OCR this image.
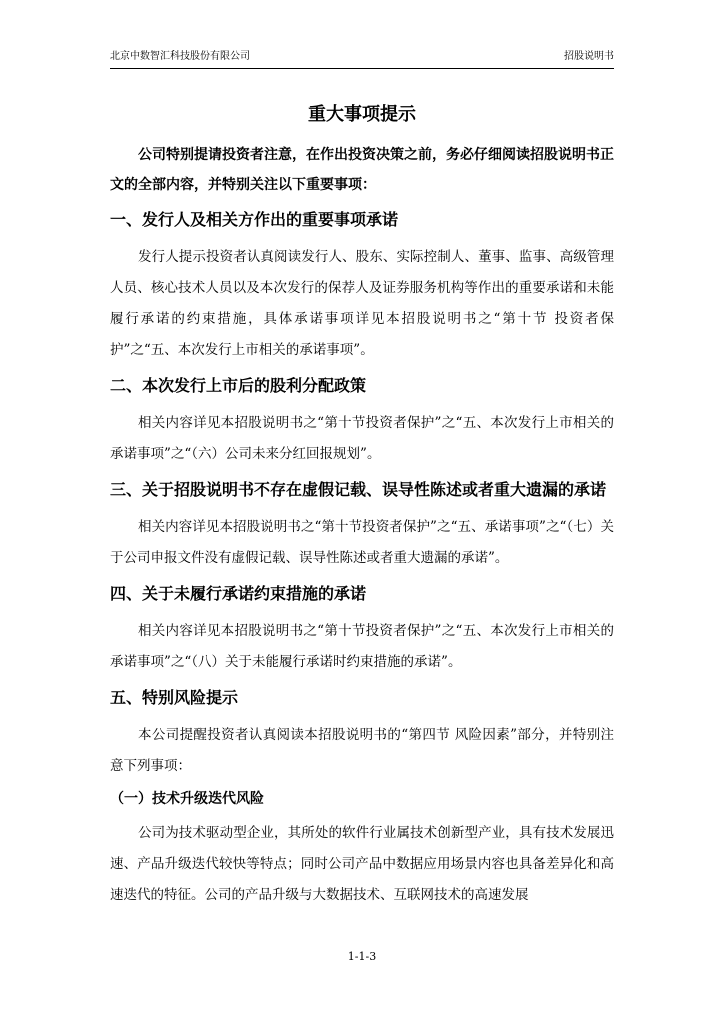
北京中数智汇科技股份有限公司	招股说明书
重大事项提示

公司特别提请投资者注意，在作出投资决策之前，务必仔细阅读招股说明书正文的全部内容，并特别关注以下重要事项：

一、发行人及相关方作出的重要事项承诺

发行人提示投资者认真阅读发行人、股东、实际控制人、董事、监事、高级管理人员、核心技术人员以及本次发行的保荐人及证券服务机构等作出的重要承诺和未能履行承诺的约束措施，具体承诺事项详见本招股说明书之“第十节 投资者保护”之“五、本次发行上市相关的承诺事项”。

二、本次发行上市后的股利分配政策

相关内容详见本招股说明书之“第十节投资者保护”之“五、本次发行上市相关的承诺事项”之“（六）公司未来分红回报规划”。

三、关于招股说明书不存在虚假记载、误导性陈述或者重大遗漏的承诺

相关内容详见本招股说明书之“第十节投资者保护”之“五、承诺事项”之“（七）关于公司申报文件没有虚假记载、误导性陈述或者重大遗漏的承诺”。

四、关于未履行承诺约束措施的承诺

相关内容详见本招股说明书之“第十节投资者保护”之“五、本次发行上市相关的承诺事项”之“（八）关于未能履行承诺时约束措施的承诺”。

五、特别风险提示

本公司提醒投资者认真阅读本招股说明书的“第四节 风险因素”部分，并特别注意下列事项：

（一）技术升级迭代风险

公司为技术驱动型企业，其所处的软件行业属技术创新型产业，具有技术发展迅速、产品升级迭代较快等特点；同时公司产品中数据应用场景内容也具备差异化和高速迭代的特征。公司的产品升级与大数据技术、互联网技术的高速发展

1-1-3
